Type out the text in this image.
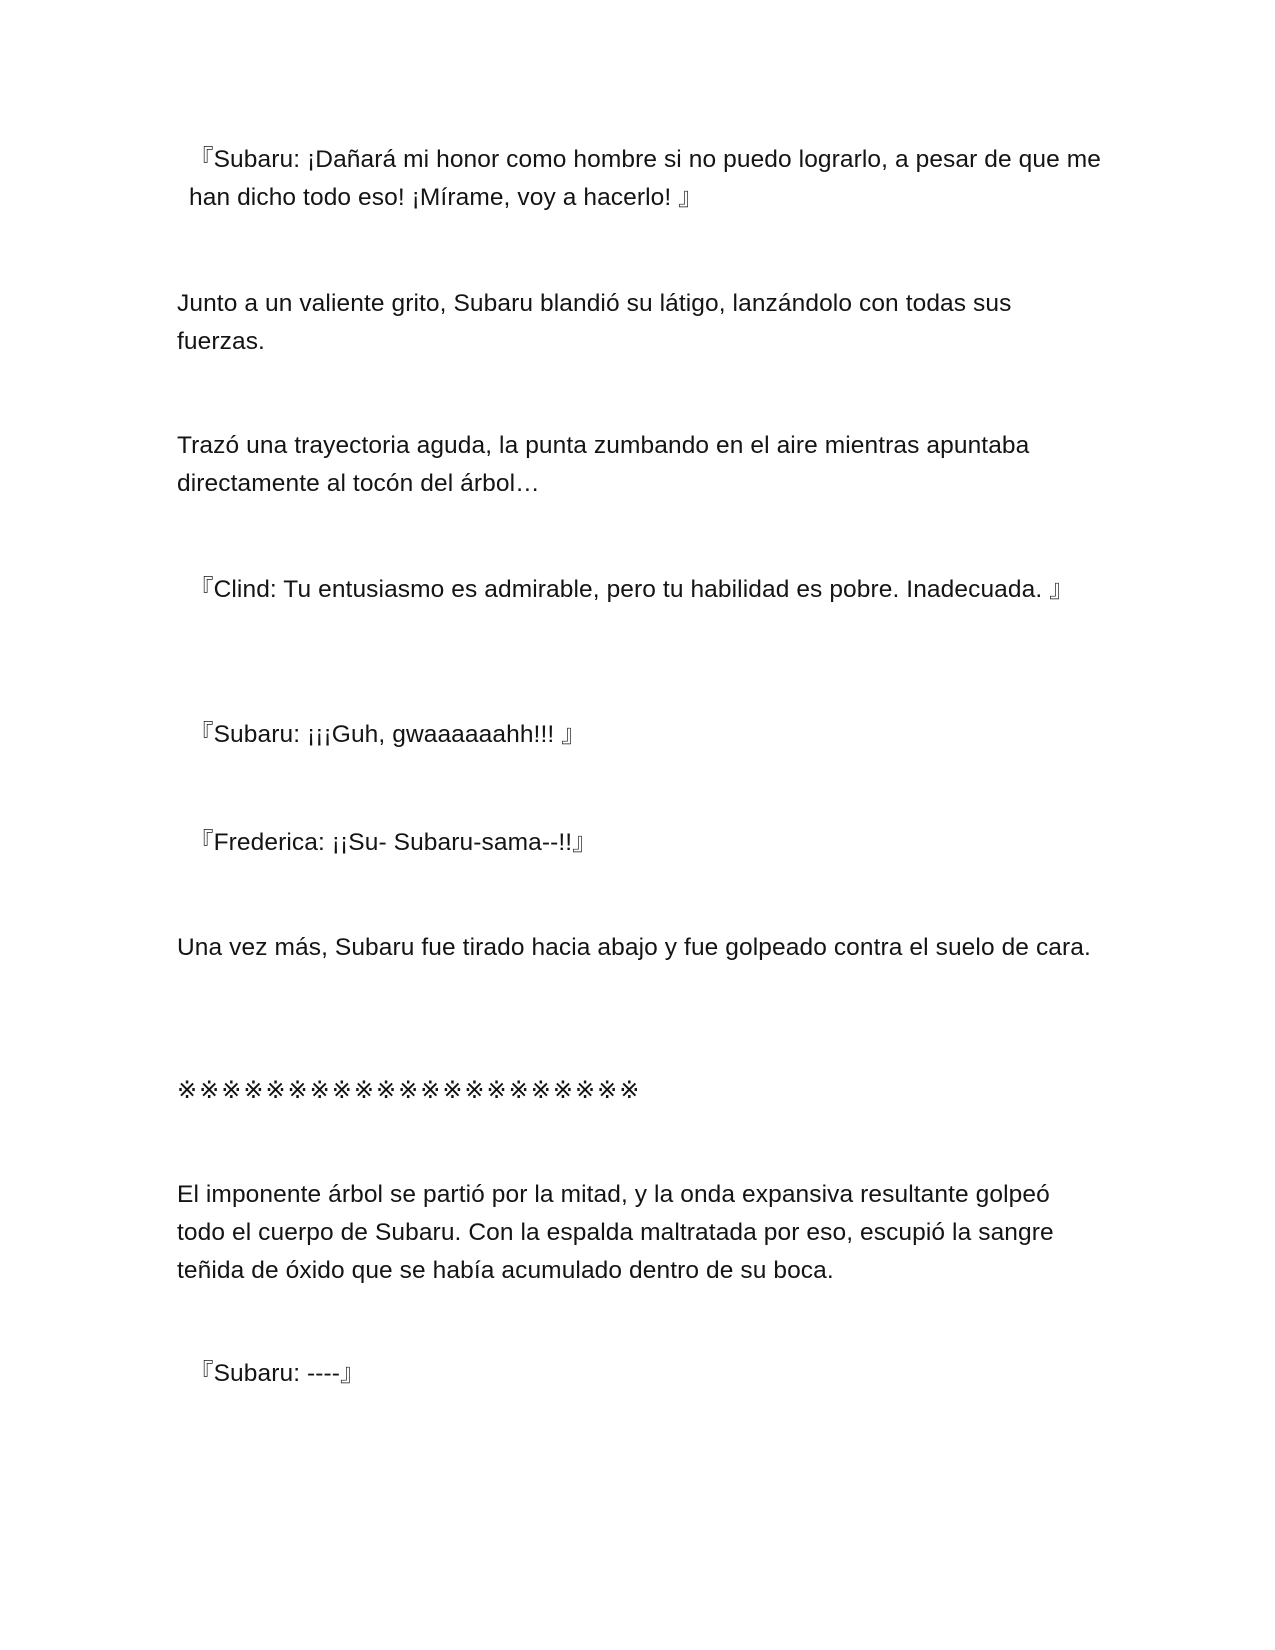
『Subaru: ¡Dañará mi honor como hombre si no puedo lograrlo, a pesar de que me han dicho todo eso! ¡Mírame, voy a hacerlo! 』

Junto a un valiente grito, Subaru blandió su látigo, lanzándolo con todas sus fuerzas.

Trazó una trayectoria aguda, la punta zumbando en el aire mientras apuntaba directamente al tocón del árbol…

『Clind: Tu entusiasmo es admirable, pero tu habilidad es pobre. Inadecuada. 』

『Subaru: ¡¡¡Guh, gwaaaaaahh!!! 』

『Frederica: ¡¡Su- Subaru-sama--!!』

Una vez más, Subaru fue tirado hacia abajo y fue golpeado contra el suelo de cara.

※※※※※※※※※※※※※※※※※※※※※

El imponente árbol se partió por la mitad, y la onda expansiva resultante golpeó todo el cuerpo de Subaru. Con la espalda maltratada por eso, escupió la sangre teñida de óxido que se había acumulado dentro de su boca.

『Subaru: ----』
